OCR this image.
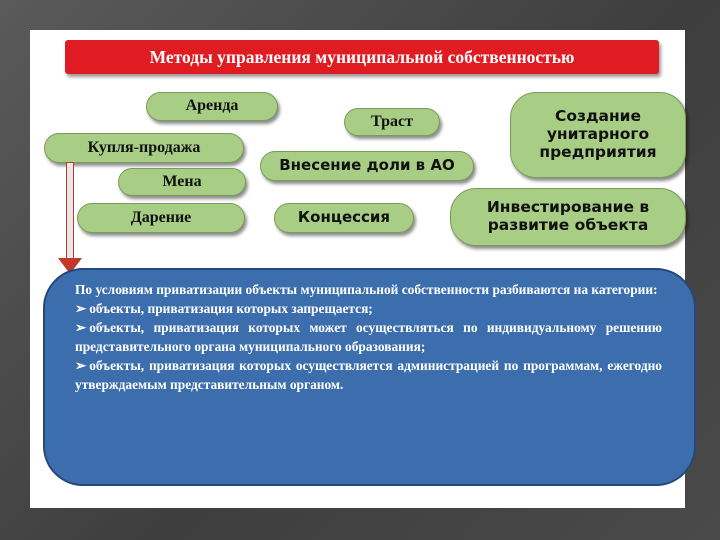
Методы управления муниципальной собственностью
Аренда
Траст	Создание унитарного предприятия
Купля-продажа
Внесение доли в АО
Мена
Дарение	Концессия
Инвестирование в развитие объекта

По условиям приватизации объекты муниципальной собственности разбиваются на категории:

➢ объекты, приватизация которых запрещается;

➢ объекты, приватизация которых может осуществляться по индивидуальному решению представительного органа муниципального образования;

➢ объекты, приватизация которых осуществляется администрацией по программам, ежегодно утверждаемым представительным органом.
